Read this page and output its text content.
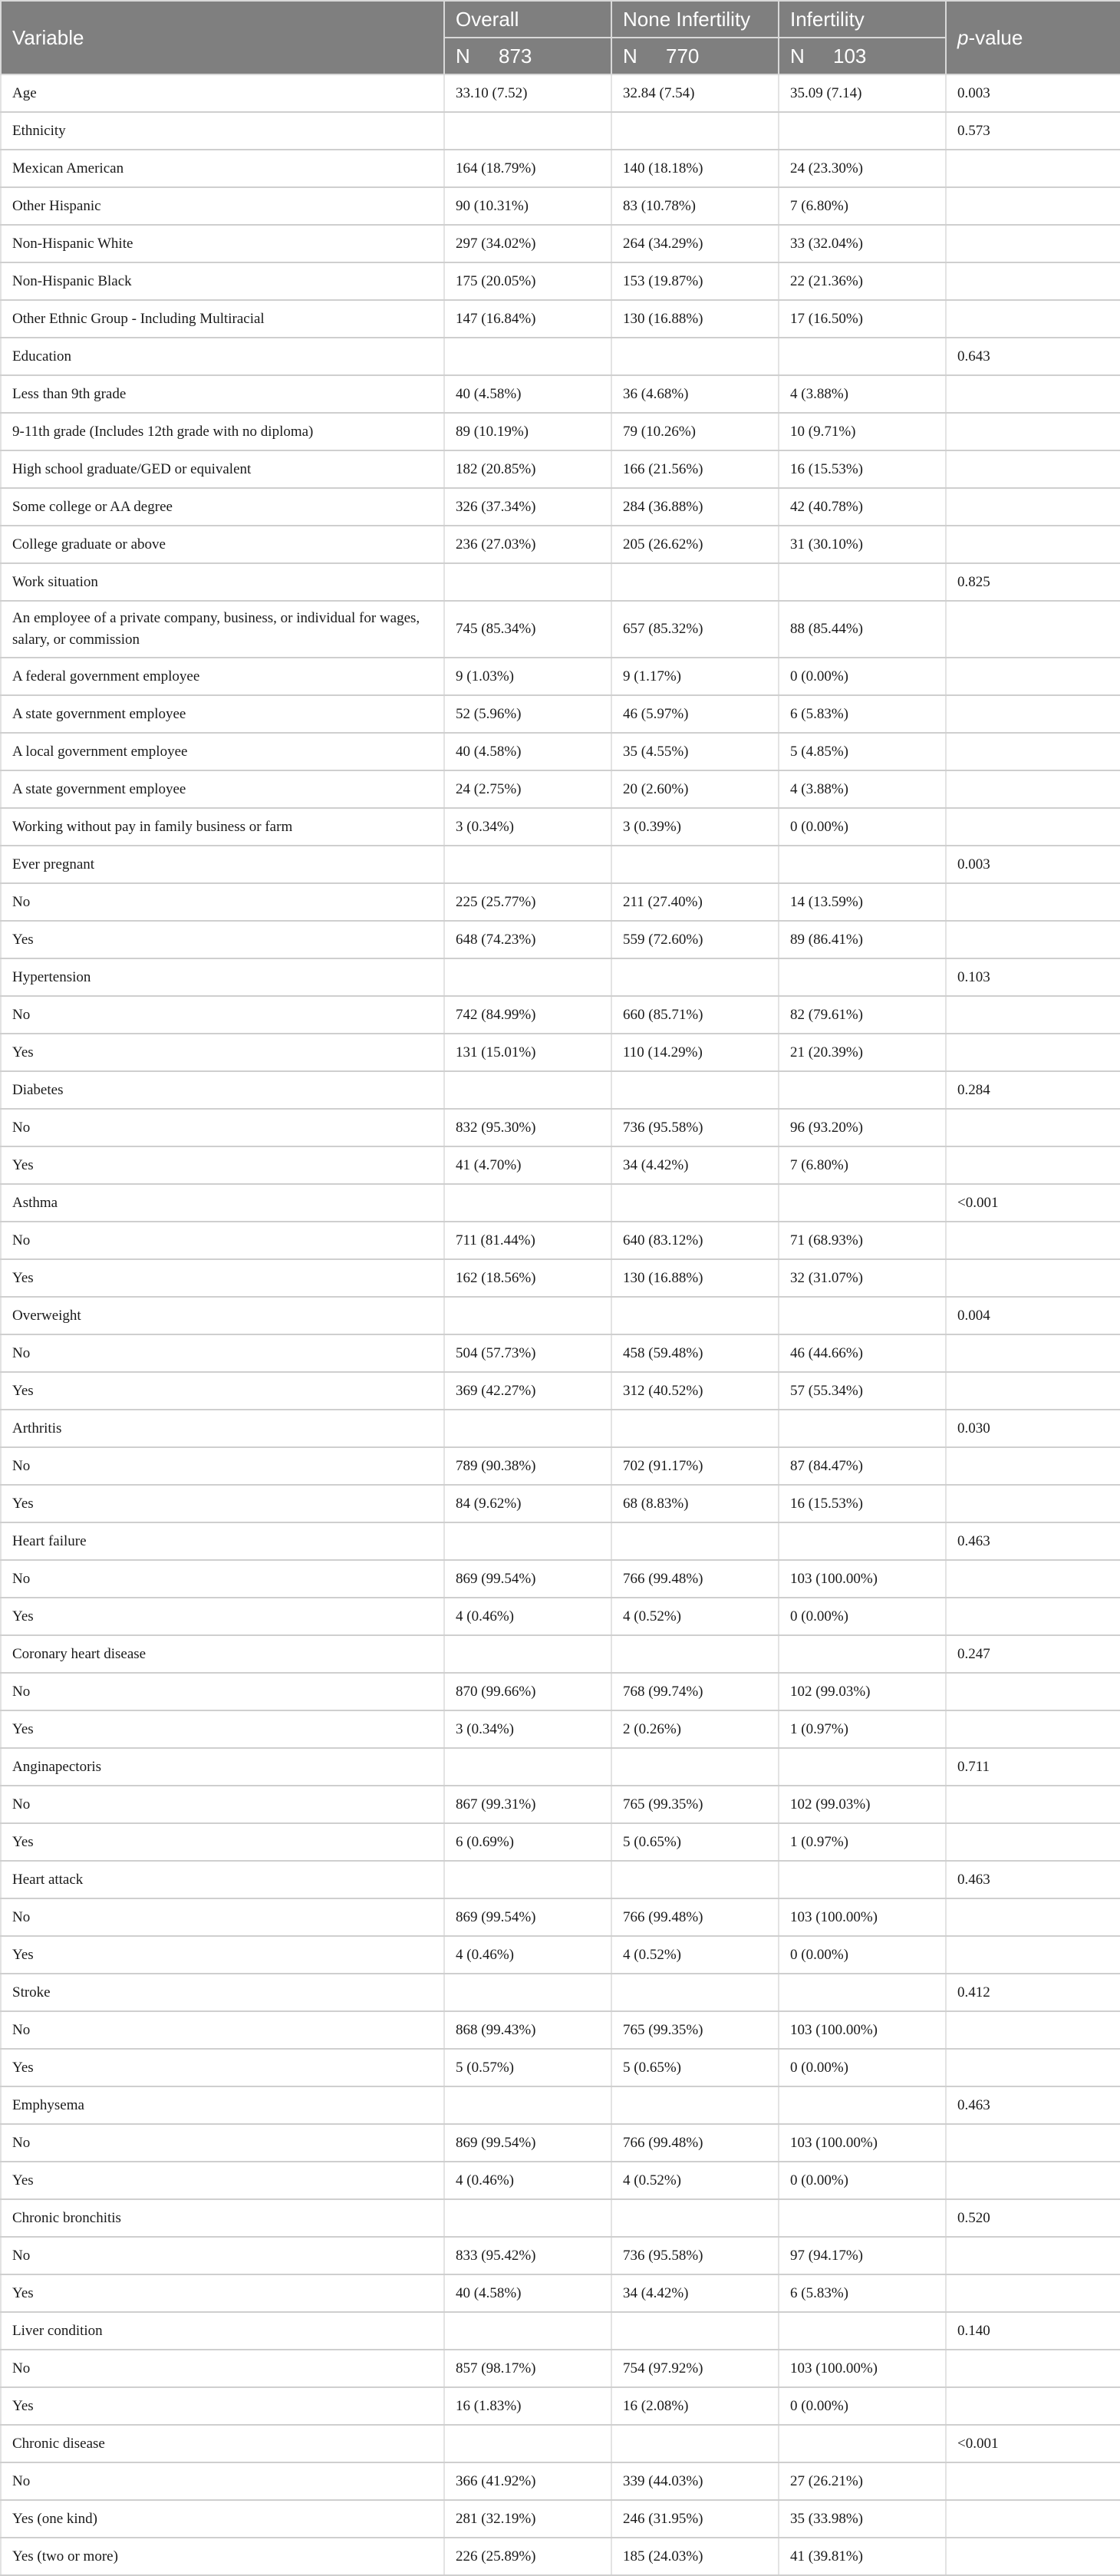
Variable	Overall	None Infertility	Infertility	p-value
	N 873	N 770	N 103	
Age	33.10 (7.52)	32.84 (7.54)	35.09 (7.14)	0.003
Ethnicity				0.573
Mexican American	164 (18.79%)	140 (18.18%)	24 (23.30%)	
Other Hispanic	90 (10.31%)	83 (10.78%)	7 (6.80%)	
Non-Hispanic White	297 (34.02%)	264 (34.29%)	33 (32.04%)	
Non-Hispanic Black	175 (20.05%)	153 (19.87%)	22 (21.36%)	
Other Ethnic Group - Including Multiracial	147 (16.84%)	130 (16.88%)	17 (16.50%)	
Education				0.643
Less than 9th grade	40 (4.58%)	36 (4.68%)	4 (3.88%)	
9-11th grade (Includes 12th grade with no diploma)	89 (10.19%)	79 (10.26%)	10 (9.71%)	
High school graduate/GED or equivalent	182 (20.85%)	166 (21.56%)	16 (15.53%)	
Some college or AA degree	326 (37.34%)	284 (36.88%)	42 (40.78%)	
College graduate or above	236 (27.03%)	205 (26.62%)	31 (30.10%)	
Work situation				0.825
An employee of a private company, business, or individual for wages, salary, or commission	745 (85.34%)	657 (85.32%)	88 (85.44%)	
A federal government employee	9 (1.03%)	9 (1.17%)	0 (0.00%)	
A state government employee	52 (5.96%)	46 (5.97%)	6 (5.83%)	
A local government employee	40 (4.58%)	35 (4.55%)	5 (4.85%)	
A state government employee	24 (2.75%)	20 (2.60%)	4 (3.88%)	
Working without pay in family business or farm	3 (0.34%)	3 (0.39%)	0 (0.00%)	
Ever pregnant				0.003
No	225 (25.77%)	211 (27.40%)	14 (13.59%)	
Yes	648 (74.23%)	559 (72.60%)	89 (86.41%)	
Hypertension				0.103
No	742 (84.99%)	660 (85.71%)	82 (79.61%)	
Yes	131 (15.01%)	110 (14.29%)	21 (20.39%)	
Diabetes				0.284
No	832 (95.30%)	736 (95.58%)	96 (93.20%)	
Yes	41 (4.70%)	34 (4.42%)	7 (6.80%)	
Asthma				<0.001
No	711 (81.44%)	640 (83.12%)	71 (68.93%)	
Yes	162 (18.56%)	130 (16.88%)	32 (31.07%)	
Overweight				0.004
No	504 (57.73%)	458 (59.48%)	46 (44.66%)	
Yes	369 (42.27%)	312 (40.52%)	57 (55.34%)	
Arthritis				0.030
No	789 (90.38%)	702 (91.17%)	87 (84.47%)	
Yes	84 (9.62%)	68 (8.83%)	16 (15.53%)	
Heart failure				0.463
No	869 (99.54%)	766 (99.48%)	103 (100.00%)	
Yes	4 (0.46%)	4 (0.52%)	0 (0.00%)	
Coronary heart disease				0.247
No	870 (99.66%)	768 (99.74%)	102 (99.03%)	
Yes	3 (0.34%)	2 (0.26%)	1 (0.97%)	
Anginapectoris				0.711
No	867 (99.31%)	765 (99.35%)	102 (99.03%)	
Yes	6 (0.69%)	5 (0.65%)	1 (0.97%)	
Heart attack				0.463
No	869 (99.54%)	766 (99.48%)	103 (100.00%)	
Yes	4 (0.46%)	4 (0.52%)	0 (0.00%)	
Stroke				0.412
No	868 (99.43%)	765 (99.35%)	103 (100.00%)	
Yes	5 (0.57%)	5 (0.65%)	0 (0.00%)	
Emphysema				0.463
No	869 (99.54%)	766 (99.48%)	103 (100.00%)	
Yes	4 (0.46%)	4 (0.52%)	0 (0.00%)	
Chronic bronchitis				0.520
No	833 (95.42%)	736 (95.58%)	97 (94.17%)	
Yes	40 (4.58%)	34 (4.42%)	6 (5.83%)	
Liver condition				0.140
No	857 (98.17%)	754 (97.92%)	103 (100.00%)	
Yes	16 (1.83%)	16 (2.08%)	0 (0.00%)	
Chronic disease				<0.001
No	366 (41.92%)	339 (44.03%)	27 (26.21%)	
Yes (one kind)	281 (32.19%)	246 (31.95%)	35 (33.98%)	
Yes (two or more)	226 (25.89%)	185 (24.03%)	41 (39.81%)	
